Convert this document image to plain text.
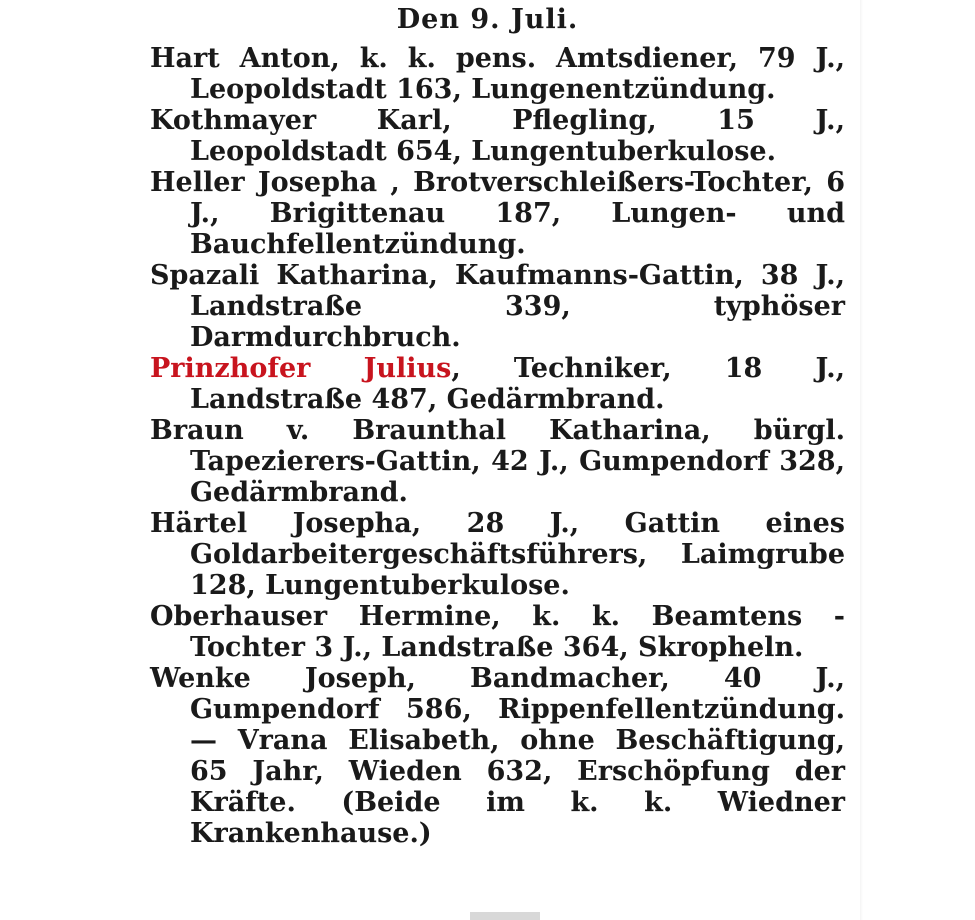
Den 9. Juli.

Hart Anton, k. k. pens. Amtsdiener, 79 J., Leopoldstadt 163, Lungenentzündung.

Kothmayer Karl, Pflegling, 15 J., Leopoldstadt 654, Lungentuberkulose.

Heller Josepha , Brotverschleißers-Tochter, 6 J., Brigittenau 187, Lungen- und Bauchfellentzündung.

Spazali Katharina, Kaufmanns-Gattin, 38 J., Landstraße 339, typhöser Darmdurchbruch.

Prinzhofer Julius, Techniker, 18 J., Landstraße 487, Gedärmbrand.

Braun v. Braunthal Katharina, bürgl. Tapezierers-Gattin, 42 J., Gumpendorf 328, Gedärmbrand.

Härtel Josepha, 28 J., Gattin eines Goldarbeitergeschäftsführers, Laimgrube 128, Lungentuberkulose.

Oberhauser Hermine, k. k. Beamtens - Tochter 3 J., Landstraße 364, Skropheln.

Wenke Joseph, Bandmacher, 40 J., Gumpendorf 586, Rippenfellentzündung. — Vrana Elisabeth, ohne Beschäftigung, 65 Jahr, Wieden 632, Erschöpfung der Kräfte. (Beide im k. k. Wiedner Krankenhause.)
